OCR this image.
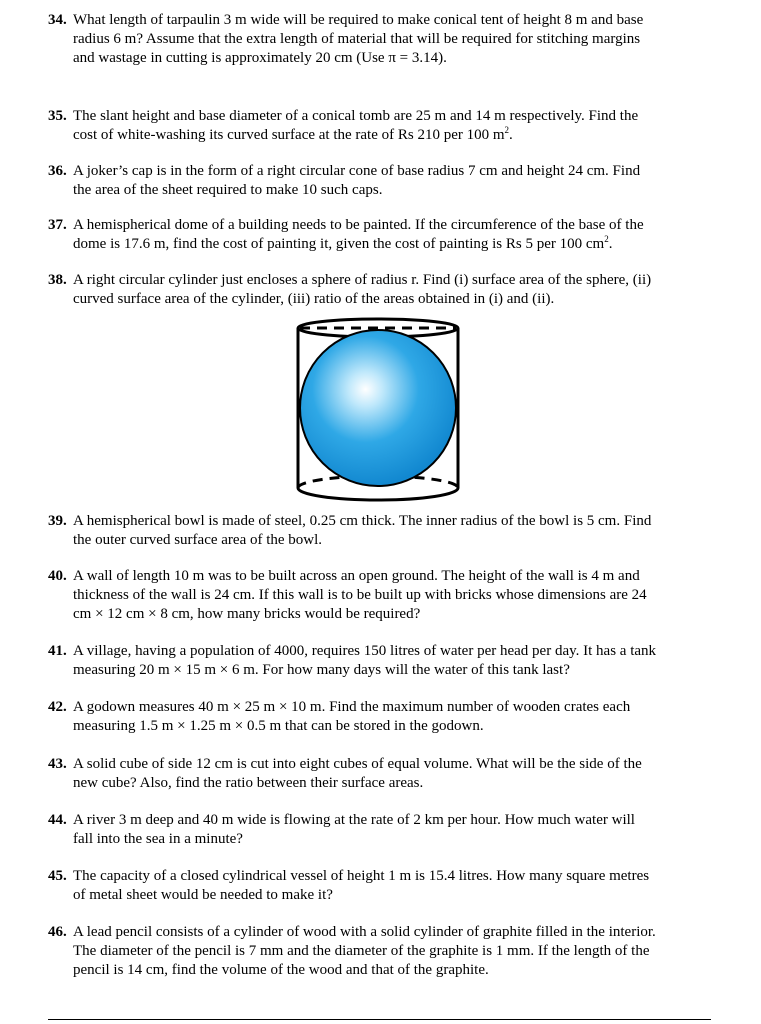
34. What length of tarpaulin 3 m wide will be required to make conical tent of height 8 m and base
radius 6 m? Assume that the extra length of material that will be required for stitching margins
and wastage in cutting is approximately 20 cm (Use π = 3.14).
35. The slant height and base diameter of a conical tomb are 25 m and 14 m respectively. Find the
cost of white-washing its curved surface at the rate of Rs 210 per 100 $m^2$.
36. A joker’s cap is in the form of a right circular cone of base radius 7 cm and height 24 cm. Find
the area of the sheet required to make 10 such caps.
37. A hemispherical dome of a building needs to be painted. If the circumference of the base of the
dome is 17.6 m, find the cost of painting it, given the cost of painting is Rs 5 per 100 $cm^2$.
38. A right circular cylinder just encloses a sphere of radius r. Find (i) surface area of the sphere, (ii)
curved surface area of the cylinder, (iii) ratio of the areas obtained in (i) and (ii).
39. A hemispherical bowl is made of steel, 0.25 cm thick. The inner radius of the bowl is 5 cm. Find
the outer curved surface area of the bowl.
40. A wall of length 10 m was to be built across an open ground. The height of the wall is 4 m and
thickness of the wall is 24 cm. If this wall is to be built up with bricks whose dimensions are 24
cm × 12 cm × 8 cm, how many bricks would be required?
41. A village, having a population of 4000, requires 150 litres of water per head per day. It has a tank
measuring 20 m × 15 m × 6 m. For how many days will the water of this tank last?
42. A godown measures 40 m × 25 m × 10 m. Find the maximum number of wooden crates each
measuring 1.5 m × 1.25 m × 0.5 m that can be stored in the godown.
43. A solid cube of side 12 cm is cut into eight cubes of equal volume. What will be the side of the
new cube? Also, find the ratio between their surface areas.
44. A river 3 m deep and 40 m wide is flowing at the rate of 2 km per hour. How much water will
fall into the sea in a minute?
45. The capacity of a closed cylindrical vessel of height 1 m is 15.4 litres. How many square metres
of metal sheet would be needed to make it?
46. A lead pencil consists of a cylinder of wood with a solid cylinder of graphite filled in the interior.
The diameter of the pencil is 7 mm and the diameter of the graphite is 1 mm. If the length of the
pencil is 14 cm, find the volume of the wood and that of the graphite.
